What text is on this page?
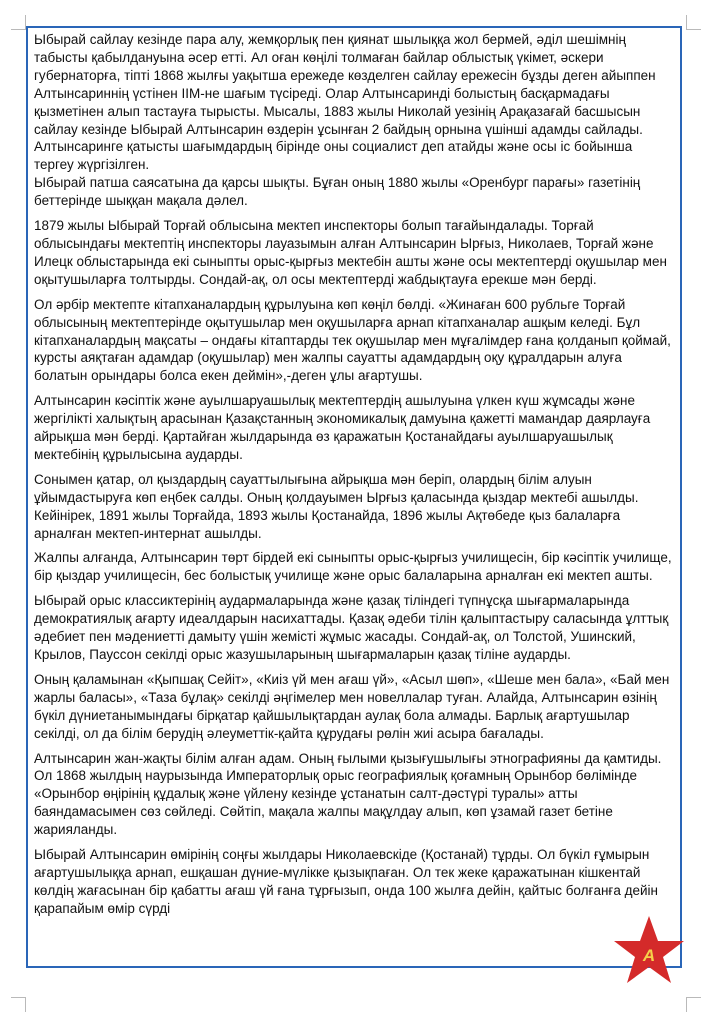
Ыбырай сайлау кезінде пара алу, жемқорлық пен қиянат шылыққа жол бермей, әділ шешімнің табысты қабылдануына әсер етті. Ал оған көңілі толмаған байлар облыстық үкімет, әскери губернаторға, тіпті 1868 жылғы уақытша ережеде көзделген сайлау ережесін бұзды деген айыппен Алтынсариннің үстінен ІІМ-не шағым түсіреді. Олар Алтынсаринді болыстың басқармадағы қызметінен алып тастауға тырысты. Мысалы, 1883 жылы Николай уезінің Арақазағай басшысын сайлау кезінде Ыбырай Алтынсарин өздерін ұсынған 2 байдың орнына үшінші адамды сайлады. Алтынсаринге қатысты шағымдардың бірінде оны социалист деп атайды және осы іс бойынша тергеу жүргізілген.

Ыбырай патша саясатына да қарсы шықты. Бұған оның 1880 жылы «Оренбург парағы» газетінің беттерінде шыққан мақала дәлел.

1879 жылы Ыбырай Торғай облысына мектеп инспекторы болып тағайындалады. Торғай облысындағы мектептің инспекторы лауазымын алған Алтынсарин Ырғыз, Николаев, Торғай және Илецк облыстарында екі сыныпты орыс-қырғыз мектебін ашты және осы мектептерді оқушылар мен оқытушыларға толтырды. Сондай-ақ, ол осы мектептерді жабдықтауға ерекше мән берді.

Ол әрбір мектепте кітапханалардың құрылуына көп көңіл бөлді. «Жинаған 600 рубльге Торғай облысының мектептерінде оқытушылар мен оқушыларға арнап кітапханалар ашқым келеді. Бұл кітапханалардың мақсаты – ондағы кітаптарды тек оқушылар мен мұғалімдер ғана қолданып қоймай, курсты аяқтаған адамдар (оқушылар) мен жалпы сауатты адамдардың оқу құралдарын алуға болатын орындары болса екен деймін»,-деген ұлы ағартушы.

Алтынсарин кәсіптік және ауылшаруашылық мектептердің ашылуына үлкен күш жұмсады және жергілікті халықтың арасынан Қазақстанның экономикалық дамуына қажетті мамандар даярлауға айрықша мән берді. Қартайған жылдарында өз қаражатын Қостанайдағы ауылшаруашылық мектебінің құрылысына аударды.

Сонымен қатар, ол қыздардың сауаттылығына айрықша мән беріп, олардың білім алуын ұйымдастыруға көп еңбек салды. Оның қолдауымен Ырғыз қаласында қыздар мектебі ашылды. Кейінірек, 1891 жылы Торғайда, 1893 жылы Қостанайда, 1896 жылы Ақтөбеде қыз балаларға арналған мектеп-интернат ашылды.

Жалпы алғанда, Алтынсарин төрт бірдей екі сыныпты орыс-қырғыз училищесін, бір кәсіптік училище, бір қыздар училищесін, бес болыстық училище және орыс балаларына арналған екі мектеп ашты.

Ыбырай орыс классиктерінің аудармаларында және қазақ тіліндегі түпнұсқа шығармаларында демократиялық ағарту идеалдарын насихаттады. Қазақ әдеби тілін қалыптастыру саласында ұлттық әдебиет пен мәдениетті дамыту үшін жемісті жұмыс жасады. Сондай-ақ, ол Толстой, Ушинский, Крылов, Пауссон секілді орыс жазушыларының шығармаларын қазақ тіліне аударды.

Оның қаламынан «Қыпшақ Сейіт», «Киіз үй мен ағаш үй», «Асыл шөп», «Шеше мен бала», «Бай мен жарлы баласы», «Таза бұлақ» секілді әңгімелер мен новеллалар туған. Алайда, Алтынсарин өзінің бүкіл дүниетанымындағы бірқатар қайшылықтардан аулақ бола алмады. Барлық ағартушылар секілді, ол да білім берудің әлеуметтік-қайта құрудағы рөлін жиі асыра бағалады.

Алтынсарин жан-жақты білім алған адам. Оның ғылыми қызығушылығы этнографияны да қамтиды. Ол 1868 жылдың наурызында Императорлық орыс географиялық қоғамның Орынбор бөлімінде «Орынбор өңірінің құдалық және үйлену кезінде ұстанатын салт-дәстүрі туралы» атты баяндамасымен сөз сөйледі. Сөйтіп, мақала жалпы мақұлдау алып, көп ұзамай газет бетіне жарияланды.

Ыбырай Алтынсарин өмірінің соңғы жылдары Николаевскідe (Қостанай) тұрды. Ол бүкіл ғұмырын ағартушылыққа арнап, ешқашан дүние-мүлікке қызықпаған. Ол тек жеке қаражатынан кішкентай көлдің жағасынан бір қабатты ағаш үй ғана тұрғызып, онда 100 жылға дейін, қайтыс болғанға дейін қарапайым өмір сүрді

A
